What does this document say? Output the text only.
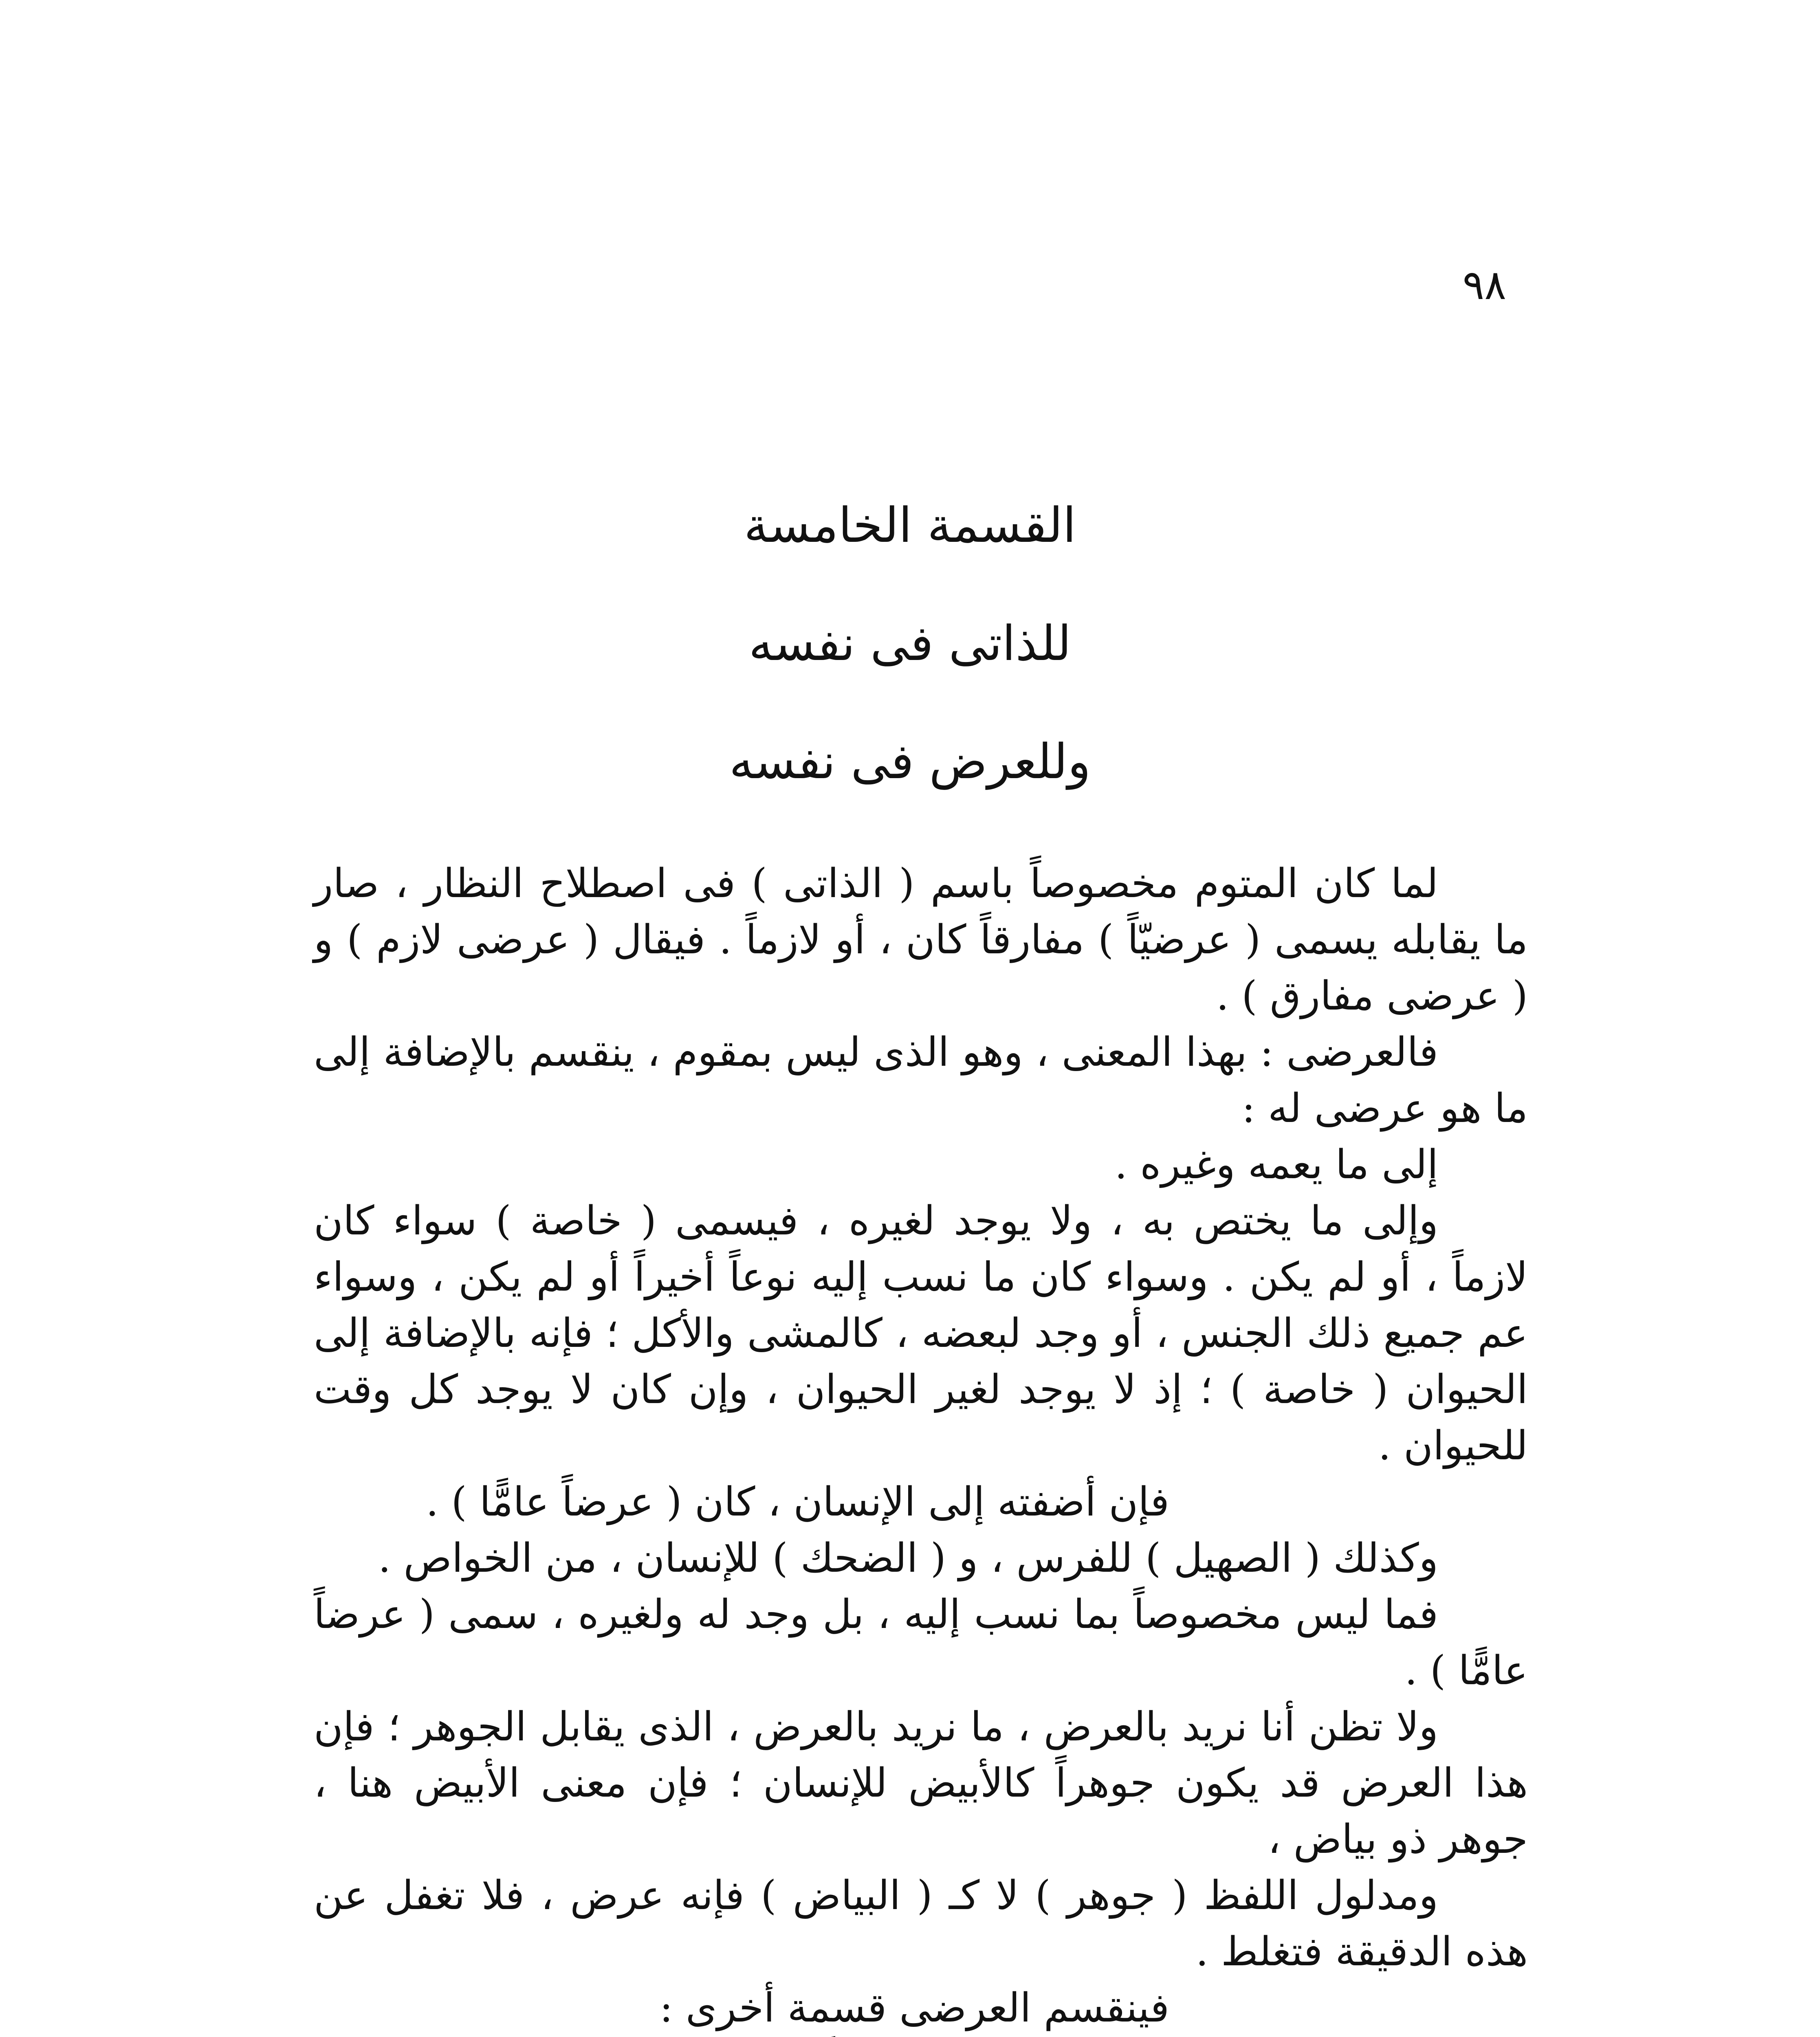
٩٨
القسمة الخامسة
للذاتى فى نفسه
وللعرض فى نفسه

لما كان المتوم مخصوصاً باسم ( الذاتى ) فى اصطلاح النظار ، صار ما يقابله يسمى ( عرضيّاً ) مفارقاً كان ، أو لازماً . فيقال ( عرضى لازم ) و ( عرضى مفارق ) .

فالعرضى : بهذا المعنى ، وهو الذى ليس بمقوم ، ينقسم بالإضافة إلى ما هو عرضى له :

إلى ما يعمه وغيره .

وإلى ما يختص به ، ولا يوجد لغيره ، فيسمى ( خاصة ) سواء كان لازماً ، أو لم يكن . وسواء كان ما نسب إليه نوعاً أخيراً أو لم يكن ، وسواء عم جميع ذلك الجنس ، أو وجد لبعضه ، كالمشى والأكل ؛ فإنه بالإضافة إلى الحيوان ( خاصة ) ؛ إذ لا يوجد لغير الحيوان ، وإن كان لا يوجد كل وقت للحيوان .

فإن أضفته إلى الإنسان ، كان ( عرضاً عامًّا ) .

وكذلك ( الصهيل ) للفرس ، و ( الضحك ) للإنسان ، من الخواص .

فما ليس مخصوصاً بما نسب إليه ، بل وجد له ولغيره ، سمى ( عرضاً عامًّا ) .

ولا تظن أنا نريد بالعرض ، ما نريد بالعرض ، الذى يقابل الجوهر ؛ فإن هذا العرض قد يكون جوهراً كالأبيض للإنسان ؛ فإن معنى الأبيض هنا ، جوهر ذو بياض ،

ومدلول اللفظ ( جوهر ) لا كـ ( البياض ) فإنه عرض ، فلا تغفل عن هذه الدقيقة فتغلط .

فينقسم العرضى قسمة أخرى :
